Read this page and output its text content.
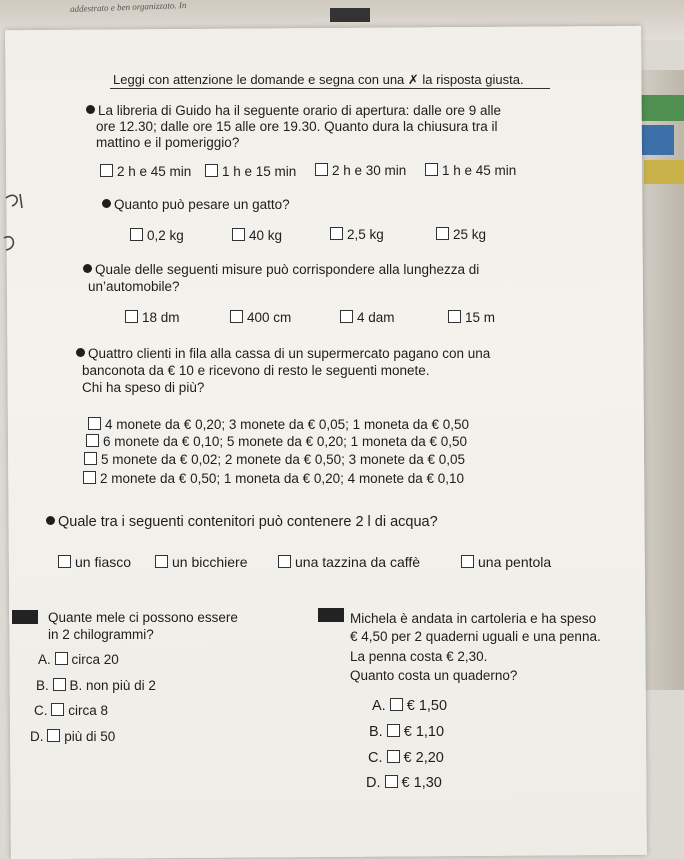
addestrato e ben organizzato. In
Leggi con attenzione le domande e segna con una ✗ la risposta giusta.
La libreria di Guido ha il seguente orario di apertura: dalle ore 9 alle
ore 12.30; dalle ore 15 alle ore 19.30. Quanto dura la chiusura tra il
mattino e il pomeriggio?
2 h e 45 min	1 h e 15 min	2 h e 30 min	1 h e 45 min
Quanto può pesare un gatto?
0,2 kg	40 kg	2,5 kg	25 kg
Quale delle seguenti misure può corrispondere alla lunghezza di
un’automobile?
18 dm	400 cm	4 dam	15 m
Quattro clienti in fila alla cassa di un supermercato pagano con una
banconota da € 10 e ricevono di resto le seguenti monete.
Chi ha speso di più?
4 monete da € 0,20; 3 monete da € 0,05; 1 moneta da € 0,50
6 monete da € 0,10; 5 monete da € 0,20; 1 moneta da € 0,50
5 monete da € 0,02; 2 monete da € 0,50; 3 monete da € 0,05
2 monete da € 0,50; 1 moneta da € 0,20; 4 monete da € 0,10
Quale tra i seguenti contenitori può contenere 2 l di acqua?
un fiasco	un bicchiere	una tazzina da caffè	una pentola
Quante mele ci possono essere
in 2 chilogrammi?
A. circa 20
B. B. non più di 2
C. circa 8
D. più di 50
Michela è andata in cartoleria e ha speso
€ 4,50 per 2 quaderni uguali e una penna.
La penna costa € 2,30.
Quanto costa un quaderno?
A. € 1,50
B. € 1,10
C. € 2,20
D. € 1,30
